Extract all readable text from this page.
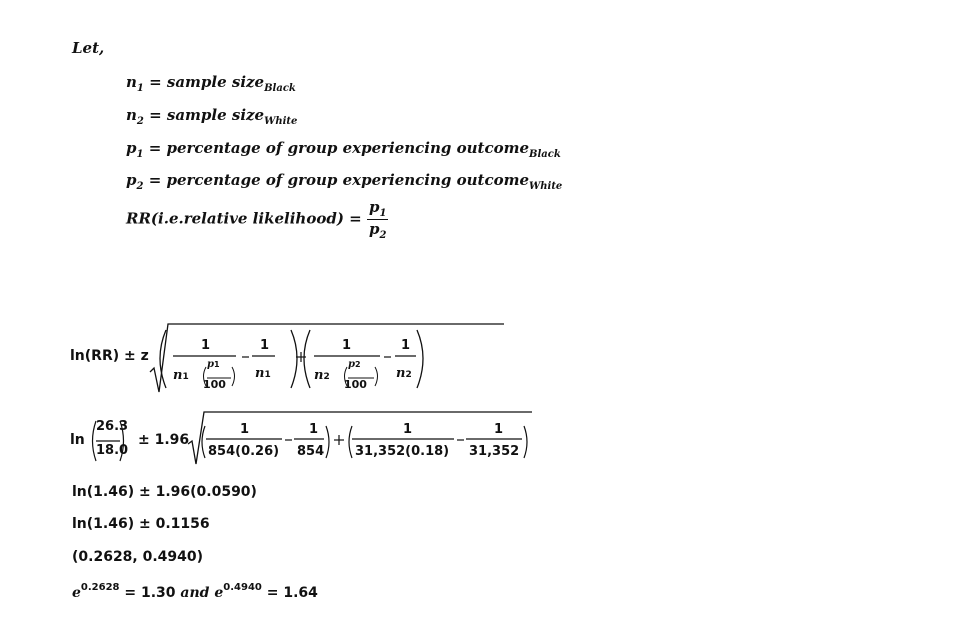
Let,
$n_1$ = sample size$_{Black}$
$n_2$ = sample size$_{White}$
$p_1$ = percentage of group experiencing outcome$_{Black}$
$p_2$ = percentage of group experiencing outcome$_{White}$
RR(i.e.relative likelihood) = $\frac{p_1}{p_2}$
ln(RR) ± z
1	1	1	1
n1
p1
100
n1	n2
p2
100
n2
ln
26.3
18.0
± 1.96
1	1	1	1
854(0.26) 854 31,352(0.18) 31,352
ln(1.46) ± 1.96(0.0590)
ln(1.46) ± 0.1156
(0.2628, 0.4940)
$e^{0.2628} = 1.30$ and $e^{0.4940} = 1.64$
